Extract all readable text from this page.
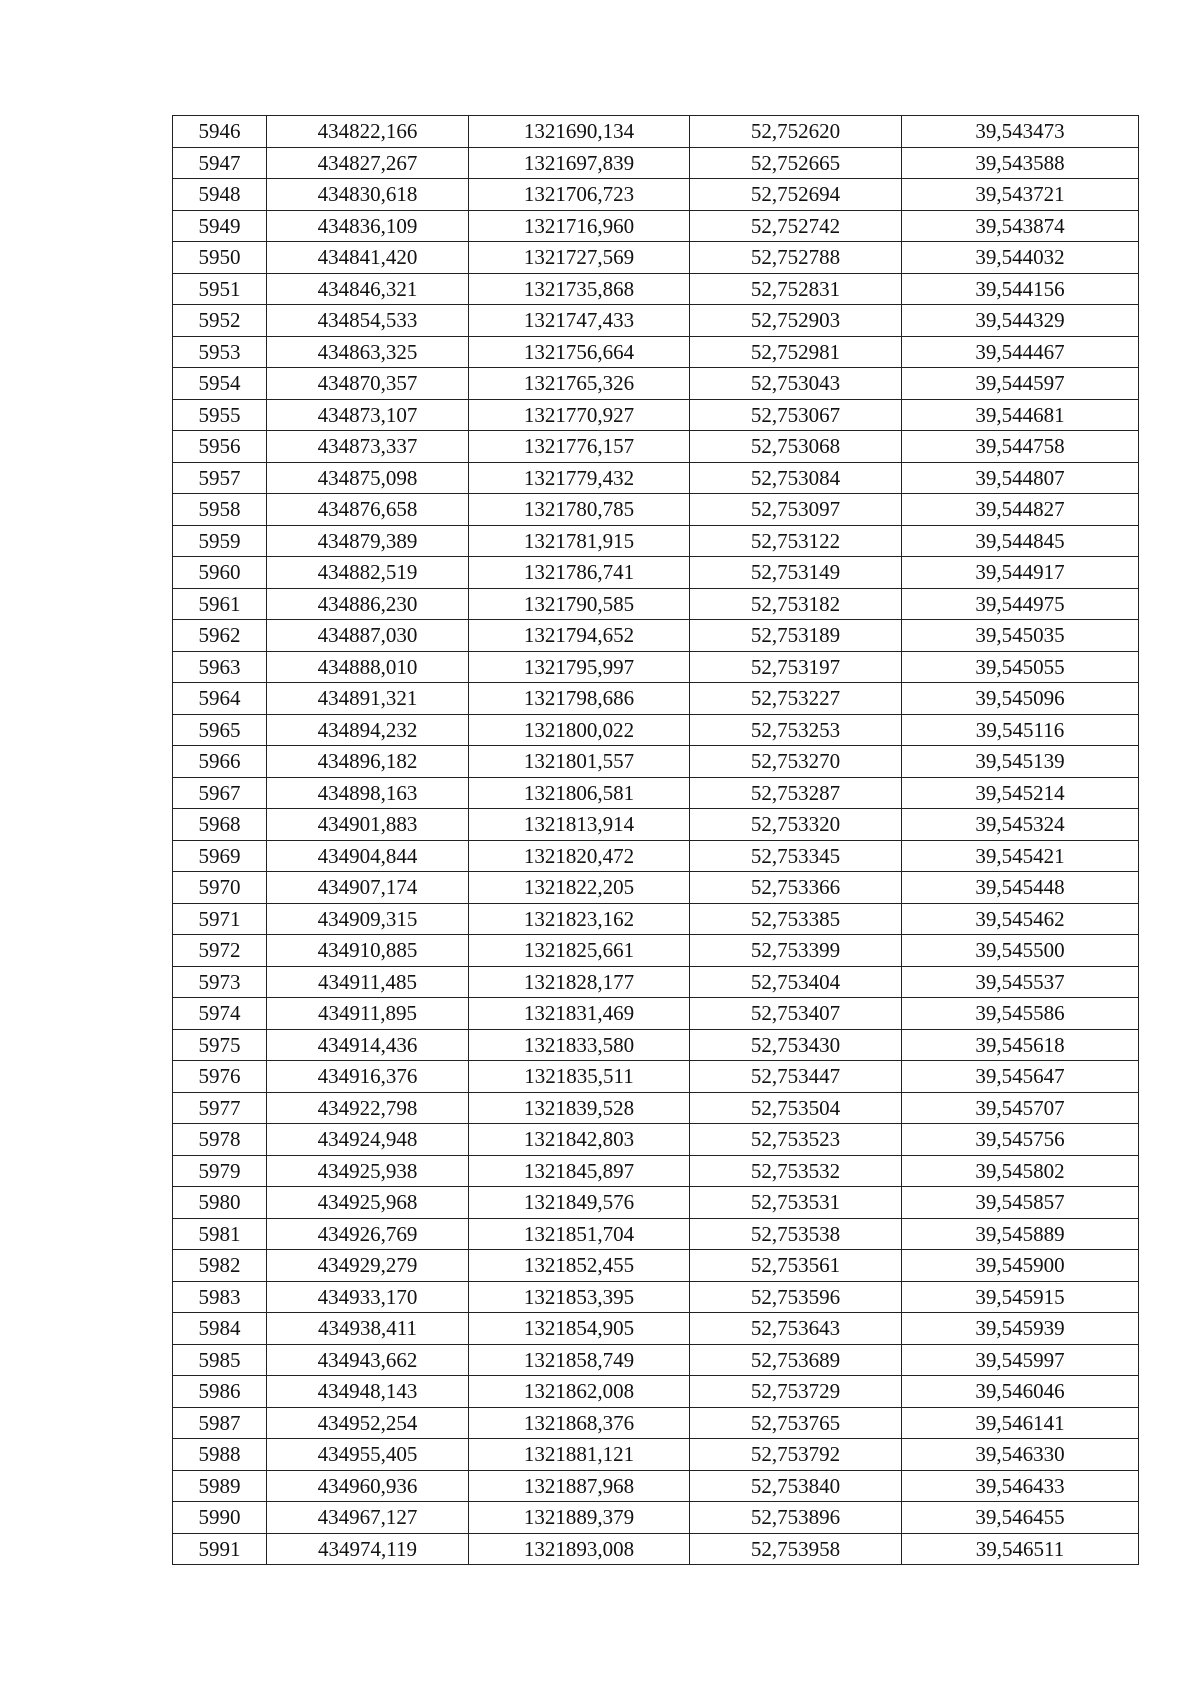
5946	434822,166	1321690,134	52,752620	39,543473
5947	434827,267	1321697,839	52,752665	39,543588
5948	434830,618	1321706,723	52,752694	39,543721
5949	434836,109	1321716,960	52,752742	39,543874
5950	434841,420	1321727,569	52,752788	39,544032
5951	434846,321	1321735,868	52,752831	39,544156
5952	434854,533	1321747,433	52,752903	39,544329
5953	434863,325	1321756,664	52,752981	39,544467
5954	434870,357	1321765,326	52,753043	39,544597
5955	434873,107	1321770,927	52,753067	39,544681
5956	434873,337	1321776,157	52,753068	39,544758
5957	434875,098	1321779,432	52,753084	39,544807
5958	434876,658	1321780,785	52,753097	39,544827
5959	434879,389	1321781,915	52,753122	39,544845
5960	434882,519	1321786,741	52,753149	39,544917
5961	434886,230	1321790,585	52,753182	39,544975
5962	434887,030	1321794,652	52,753189	39,545035
5963	434888,010	1321795,997	52,753197	39,545055
5964	434891,321	1321798,686	52,753227	39,545096
5965	434894,232	1321800,022	52,753253	39,545116
5966	434896,182	1321801,557	52,753270	39,545139
5967	434898,163	1321806,581	52,753287	39,545214
5968	434901,883	1321813,914	52,753320	39,545324
5969	434904,844	1321820,472	52,753345	39,545421
5970	434907,174	1321822,205	52,753366	39,545448
5971	434909,315	1321823,162	52,753385	39,545462
5972	434910,885	1321825,661	52,753399	39,545500
5973	434911,485	1321828,177	52,753404	39,545537
5974	434911,895	1321831,469	52,753407	39,545586
5975	434914,436	1321833,580	52,753430	39,545618
5976	434916,376	1321835,511	52,753447	39,545647
5977	434922,798	1321839,528	52,753504	39,545707
5978	434924,948	1321842,803	52,753523	39,545756
5979	434925,938	1321845,897	52,753532	39,545802
5980	434925,968	1321849,576	52,753531	39,545857
5981	434926,769	1321851,704	52,753538	39,545889
5982	434929,279	1321852,455	52,753561	39,545900
5983	434933,170	1321853,395	52,753596	39,545915
5984	434938,411	1321854,905	52,753643	39,545939
5985	434943,662	1321858,749	52,753689	39,545997
5986	434948,143	1321862,008	52,753729	39,546046
5987	434952,254	1321868,376	52,753765	39,546141
5988	434955,405	1321881,121	52,753792	39,546330
5989	434960,936	1321887,968	52,753840	39,546433
5990	434967,127	1321889,379	52,753896	39,546455
5991	434974,119	1321893,008	52,753958	39,546511
